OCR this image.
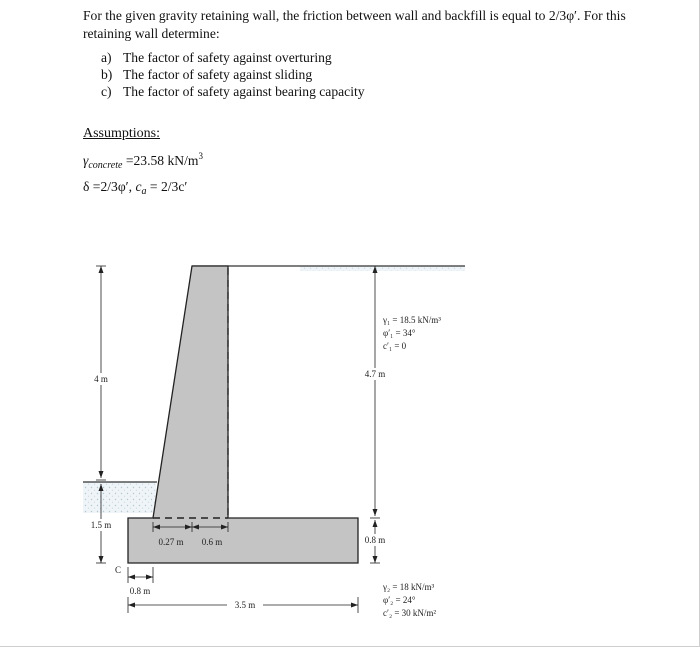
For the given gravity retaining wall, the friction between wall and backfill is equal to 2/3φ′. For this retaining wall determine:

a) The factor of safety against overturing
b) The factor of safety against sliding
c) The factor of safety against bearing capacity
Assumptions:
$\gamma_{concrete} =23.58$ $kN/m^3$
δ =2/3φ′, $c_a = 2/3c'$
4 m
1.5 m
4.7 m
0.8 m
0.27 m 0.6 m
C
0.8 m
3.5 m
γ₁ = 18.5 kN/m³
φ′₁ = 34°
c′₁ = 0
γ₂ = 18 kN/m³
φ′₂ = 24°
c′₂ = 30 kN/m²
